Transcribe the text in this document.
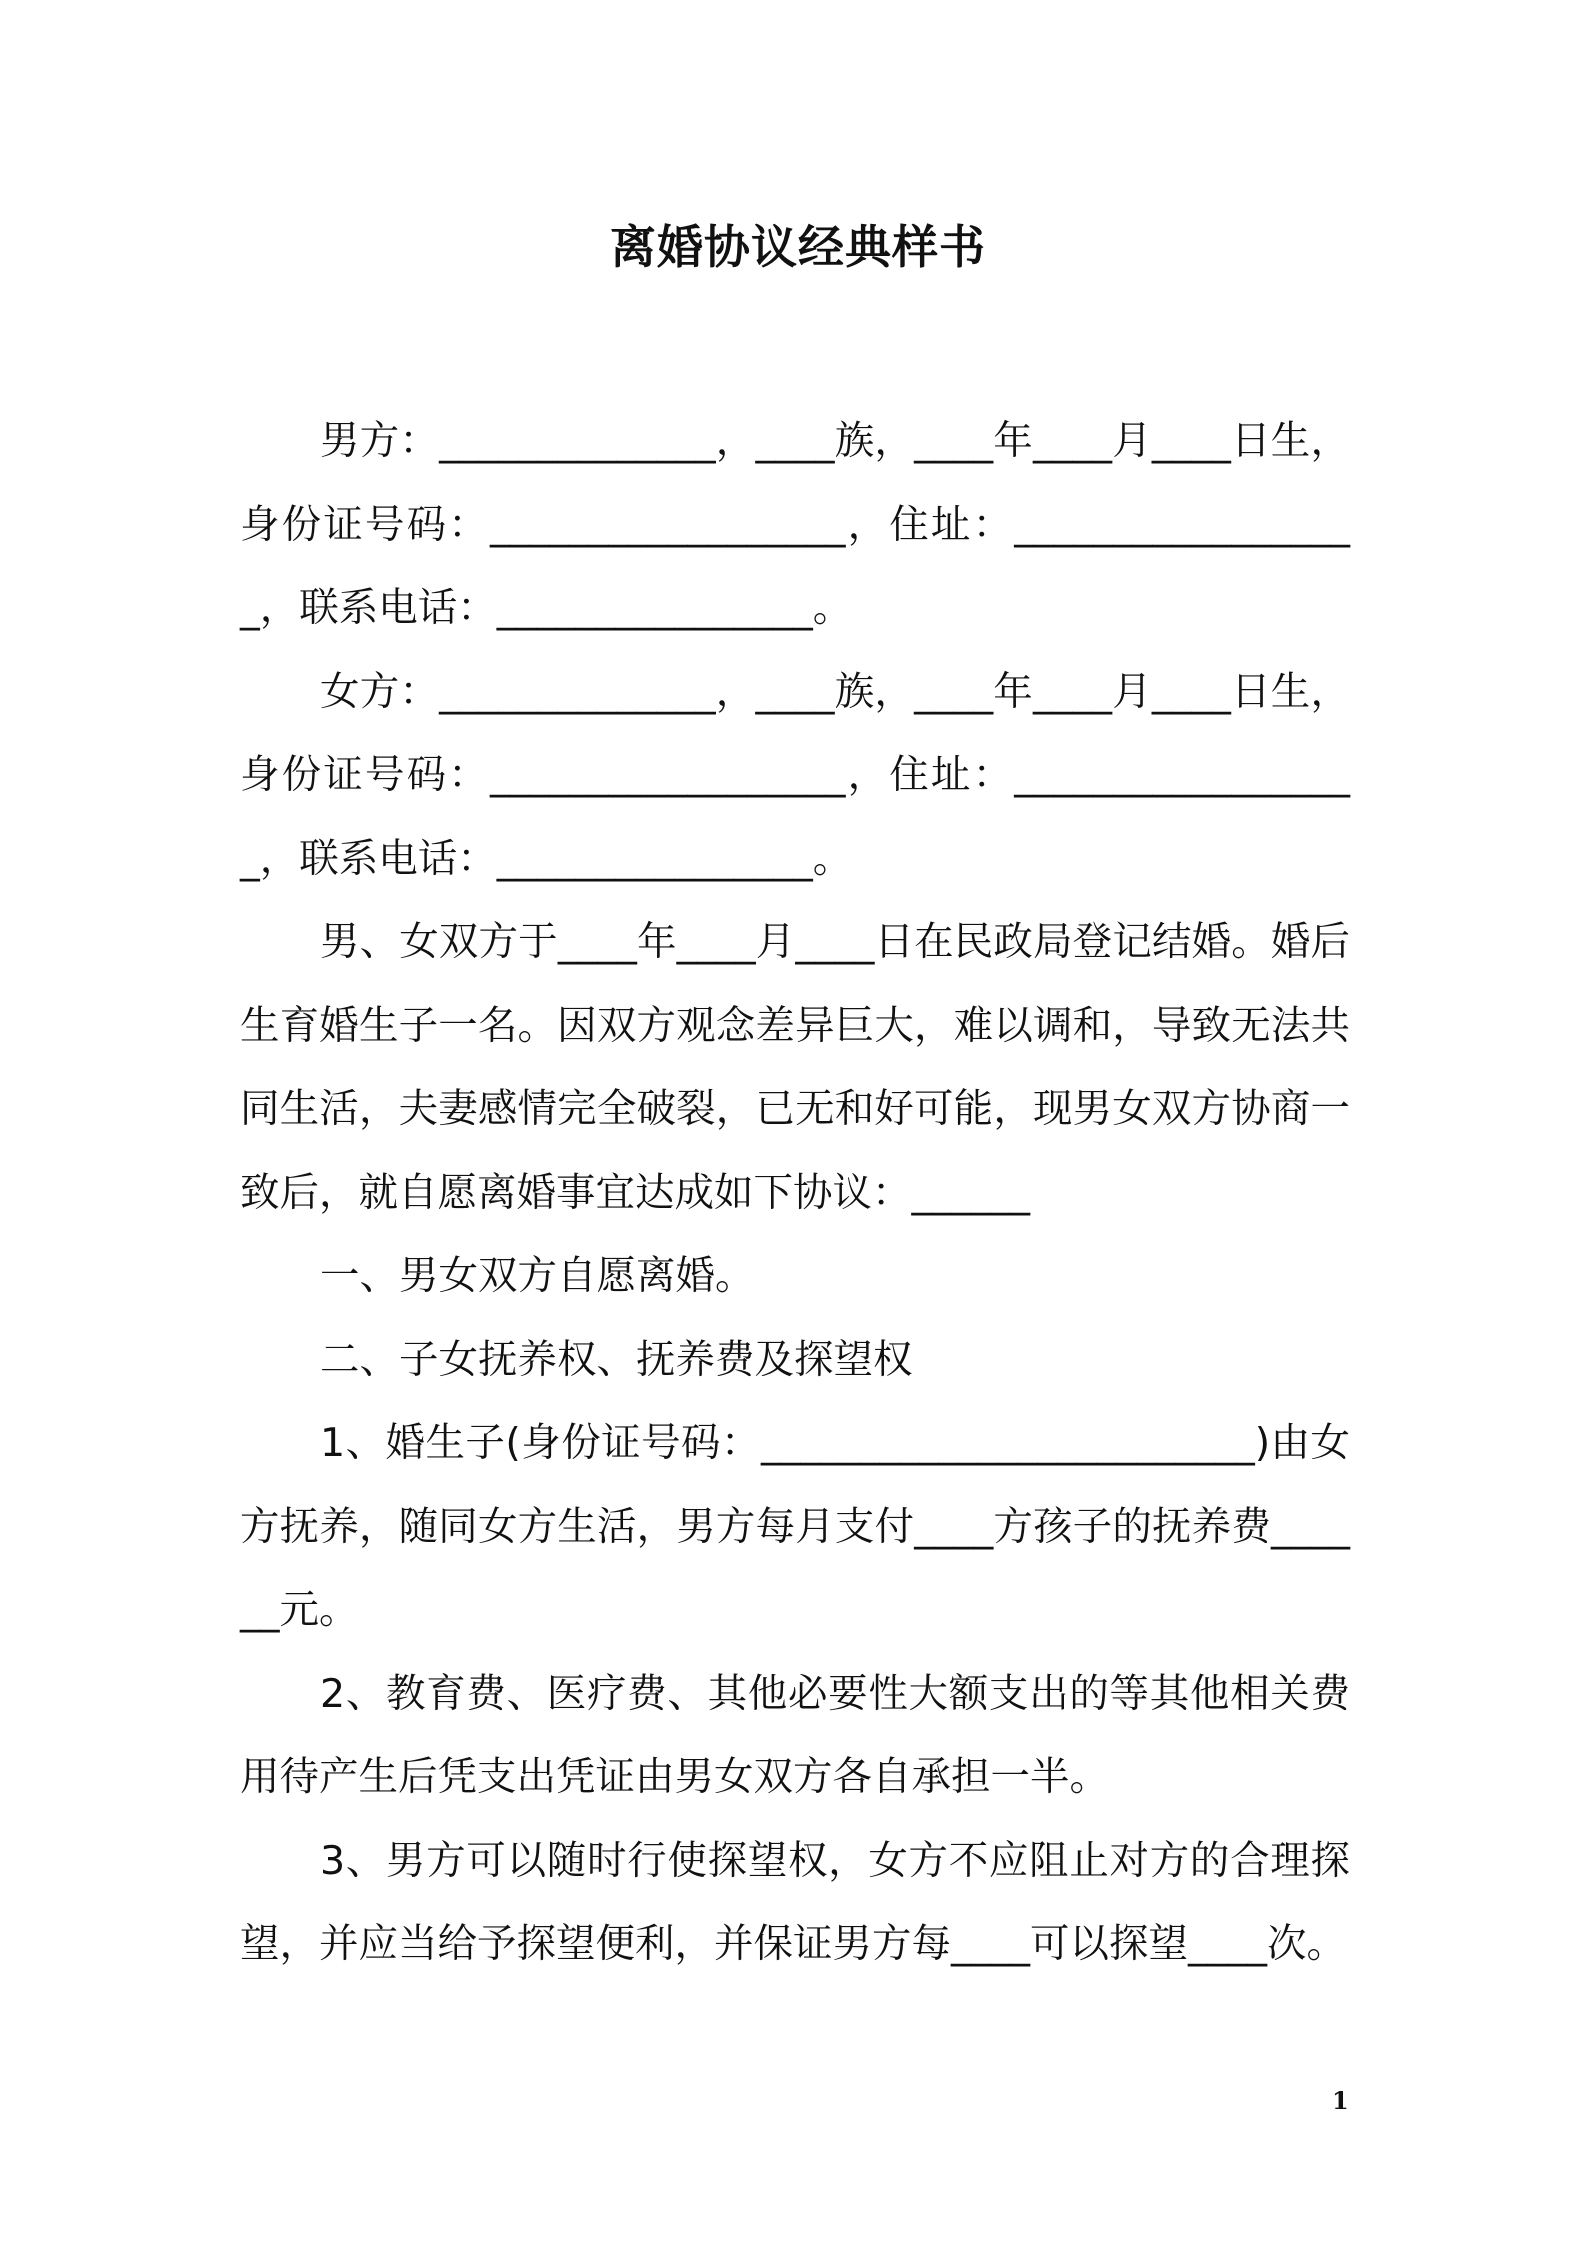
离婚协议经典样书

男方：______________，____族，____年____月____日生，身份证号码：__________________，住址：__________________，联系电话：________________。

女方：______________，____族，____年____月____日生，身份证号码：__________________，住址：__________________，联系电话：________________。

男、女双方于____年____月____日在民政局登记结婚。婚后生育婚生子一名。因双方观念差异巨大，难以调和，导致无法共同生活，夫妻感情完全破裂，已无和好可能，现男女双方协商一致后，就自愿离婚事宜达成如下协议：______

一、男女双方自愿离婚。

二、子女抚养权、抚养费及探望权

1、婚生子(身份证号码：_________________________)由女方抚养，随同女方生活，男方每月支付____方孩子的抚养费______元。

2、教育费、医疗费、其他必要性大额支出的等其他相关费用待产生后凭支出凭证由男女双方各自承担一半。

3、男方可以随时行使探望权，女方不应阻止对方的合理探望，并应当给予探望便利，并保证男方每____可以探望____次。

1
